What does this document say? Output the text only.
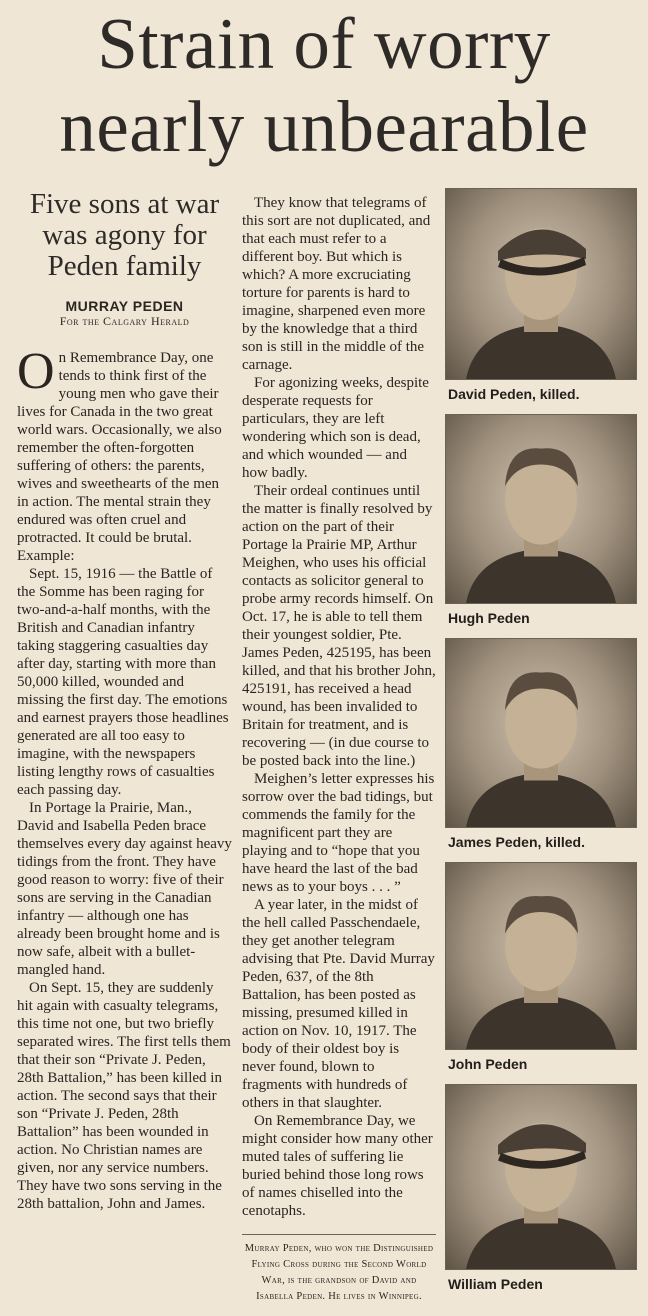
Strain of worry
nearly unbearable
Five sons at war was agony for Peden family
MURRAY PEDEN
For the Calgary Herald

On Remembrance Day, one tends to think first of the young men who gave their lives for Canada in the two great world wars. Occasionally, we also remember the often-forgotten suffering of others: the parents, wives and sweethearts of the men in action. The mental strain they endured was often cruel and protracted. It could be brutal. Example:

Sept. 15, 1916 — the Battle of the Somme has been raging for two-and-a-half months, with the British and Canadian infantry taking staggering casualties day after day, starting with more than 50,000 killed, wounded and missing the first day. The emotions and earnest prayers those headlines generated are all too easy to imagine, with the newspapers listing lengthy rows of casualties each passing day.

In Portage la Prairie, Man., David and Isabella Peden brace themselves every day against heavy tidings from the front. They have good reason to worry: five of their sons are serving in the Canadian infantry — although one has already been brought home and is now safe, albeit with a bullet-mangled hand.

On Sept. 15, they are suddenly hit again with casualty telegrams, this time not one, but two briefly separated wires. The first tells them that their son “Private J. Peden, 28th Battalion,” has been killed in action. The second says that their son “Private J. Peden, 28th Battalion” has been wounded in action. No Christian names are given, nor any service numbers. They have two sons serving in the 28th battalion, John and James.

They know that telegrams of this sort are not duplicated, and that each must refer to a different boy. But which is which? A more excruciating torture for parents is hard to imagine, sharpened even more by the knowledge that a third son is still in the middle of the carnage.

For agonizing weeks, despite desperate requests for particulars, they are left wondering which son is dead, and which wounded — and how badly.

Their ordeal continues until the matter is finally resolved by action on the part of their Portage la Prairie MP, Arthur Meighen, who uses his official contacts as solicitor general to probe army records himself. On Oct. 17, he is able to tell them their youngest soldier, Pte. James Peden, 425195, has been killed, and that his brother John, 425191, has received a head wound, has been invalided to Britain for treatment, and is recovering — (in due course to be posted back into the line.)

Meighen’s letter expresses his sorrow over the bad tidings, but commends the family for the magnificent part they are playing and to “hope that you have heard the last of the bad news as to your boys . . . ”

A year later, in the midst of the hell called Passchendaele, they get another telegram advising that Pte. David Murray Peden, 637, of the 8th Battalion, has been posted as missing, presumed killed in action on Nov. 10, 1917. The body of their oldest boy is never found, blown to fragments with hundreds of others in that slaughter.

On Remembrance Day, we might consider how many other muted tales of suffering lie buried behind those long rows of names chiselled into the cenotaphs.

Murray Peden, who won the Distinguished Flying Cross during the Second World War, is the grandson of David and Isabella Peden. He lives in Winnipeg.
David Peden, killed.
Hugh Peden
James Peden, killed.
John Peden
William Peden
